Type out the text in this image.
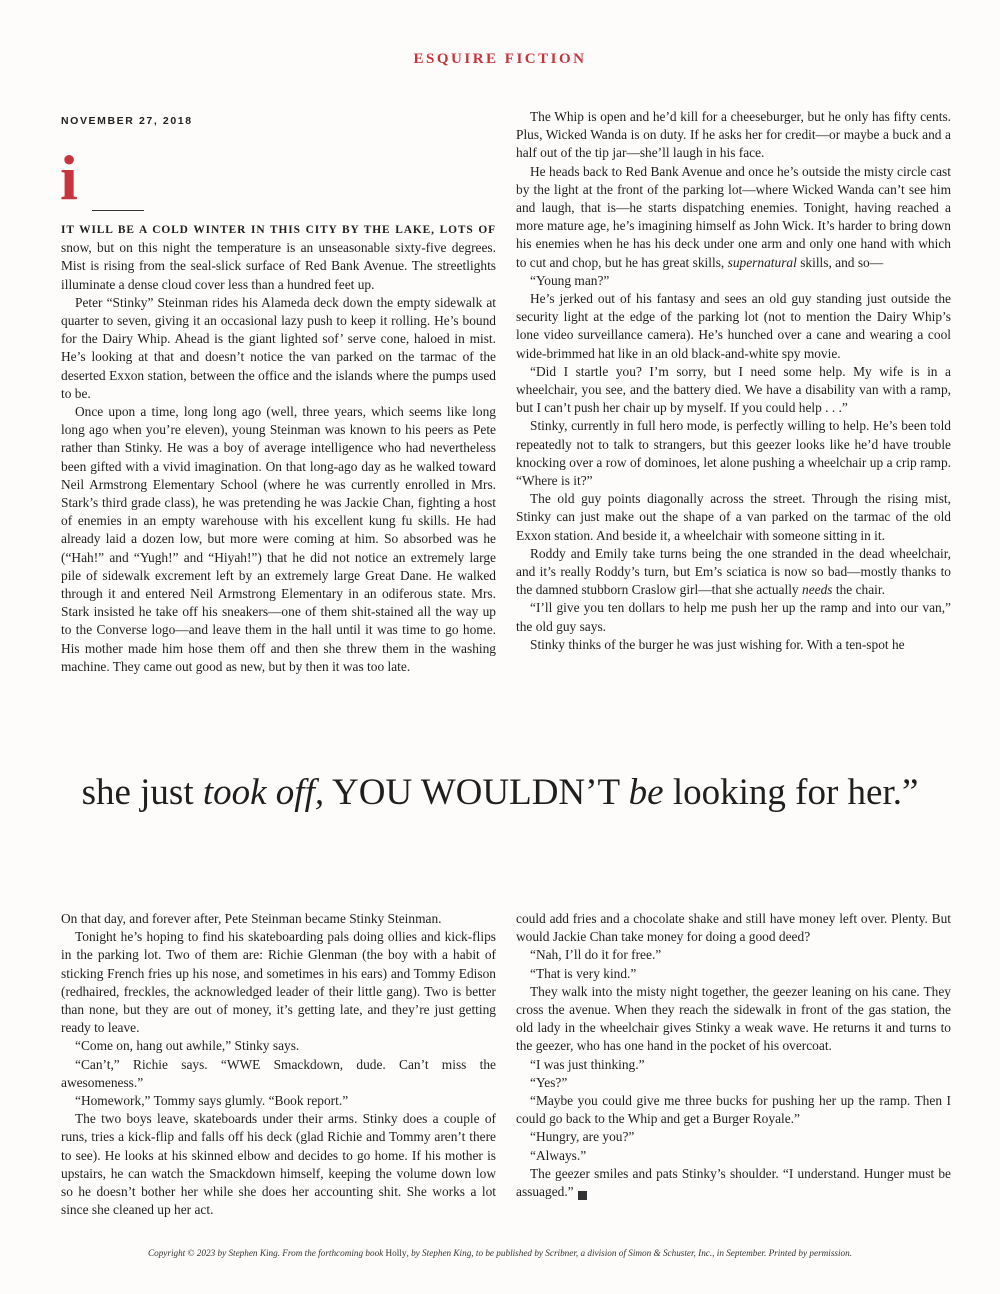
ESQUIRE FICTION
NOVEMBER 27, 2018
i

IT WILL BE A COLD WINTER IN THIS CITY BY THE LAKE, LOTS OF snow, but on this night the temperature is an unseasonable sixty-five degrees. Mist is rising from the seal-slick surface of Red Bank Avenue. The streetlights illuminate a dense cloud cover less than a hundred feet up.

Peter “Stinky” Steinman rides his Alameda deck down the empty sidewalk at quarter to seven, giving it an occasional lazy push to keep it rolling. He’s bound for the Dairy Whip. Ahead is the giant lighted sof’ serve cone, haloed in mist. He’s looking at that and doesn’t notice the van parked on the tarmac of the deserted Exxon station, between the office and the islands where the pumps used to be.

Once upon a time, long long ago (well, three years, which seems like long long ago when you’re eleven), young Steinman was known to his peers as Pete rather than Stinky. He was a boy of average intelligence who had nevertheless been gifted with a vivid imagination. On that long-ago day as he walked toward Neil Armstrong Elementary School (where he was currently enrolled in Mrs. Stark’s third grade class), he was pretending he was Jackie Chan, fighting a host of enemies in an empty warehouse with his excellent kung fu skills. He had already laid a dozen low, but more were coming at him. So absorbed was he (“Hah!” and “Yugh!” and “Hiyah!”) that he did not notice an extremely large pile of sidewalk excrement left by an extremely large Great Dane. He walked through it and entered Neil Armstrong Elementary in an odiferous state. Mrs. Stark insisted he take off his sneakers—one of them shit-stained all the way up to the Converse logo—and leave them in the hall until it was time to go home. His mother made him hose them off and then she threw them in the washing machine. They came out good as new, but by then it was too late.

The Whip is open and he’d kill for a cheeseburger, but he only has fifty cents. Plus, Wicked Wanda is on duty. If he asks her for credit—or maybe a buck and a half out of the tip jar—she’ll laugh in his face.

He heads back to Red Bank Avenue and once he’s outside the misty circle cast by the light at the front of the parking lot—where Wicked Wanda can’t see him and laugh, that is—he starts dispatching enemies. Tonight, having reached a more mature age, he’s imagining himself as John Wick. It’s harder to bring down his enemies when he has his deck under one arm and only one hand with which to cut and chop, but he has great skills, supernatural skills, and so—

“Young man?”

He’s jerked out of his fantasy and sees an old guy standing just outside the security light at the edge of the parking lot (not to mention the Dairy Whip’s lone video surveillance camera). He’s hunched over a cane and wearing a cool wide-brimmed hat like in an old black-and-white spy movie.

“Did I startle you? I’m sorry, but I need some help. My wife is in a wheelchair, you see, and the battery died. We have a disability van with a ramp, but I can’t push her chair up by myself. If you could help . . .”

Stinky, currently in full hero mode, is perfectly willing to help. He’s been told repeatedly not to talk to strangers, but this geezer looks like he’d have trouble knocking over a row of dominoes, let alone pushing a wheelchair up a crip ramp. “Where is it?”

The old guy points diagonally across the street. Through the rising mist, Stinky can just make out the shape of a van parked on the tarmac of the old Exxon station. And beside it, a wheelchair with someone sitting in it.

Roddy and Emily take turns being the one stranded in the dead wheelchair, and it’s really Roddy’s turn, but Em’s sciatica is now so bad—mostly thanks to the damned stubborn Craslow girl—that she actually needs the chair.

“I’ll give you ten dollars to help me push her up the ramp and into our van,” the old guy says.

Stinky thinks of the burger he was just wishing for. With a ten-spot he

she just took off, YOU WOULDN’T be looking for her.”

On that day, and forever after, Pete Steinman became Stinky Steinman.

Tonight he’s hoping to find his skateboarding pals doing ollies and kick-flips in the parking lot. Two of them are: Richie Glenman (the boy with a habit of sticking French fries up his nose, and sometimes in his ears) and Tommy Edison (redhaired, freckles, the acknowledged leader of their little gang). Two is better than none, but they are out of money, it’s getting late, and they’re just getting ready to leave.

“Come on, hang out awhile,” Stinky says.

“Can’t,” Richie says. “WWE Smackdown, dude. Can’t miss the awesomeness.”

“Homework,” Tommy says glumly. “Book report.”

The two boys leave, skateboards under their arms. Stinky does a couple of runs, tries a kick-flip and falls off his deck (glad Richie and Tommy aren’t there to see). He looks at his skinned elbow and decides to go home. If his mother is upstairs, he can watch the Smackdown himself, keeping the volume down low so he doesn’t bother her while she does her accounting shit. She works a lot since she cleaned up her act.

could add fries and a chocolate shake and still have money left over. Plenty. But would Jackie Chan take money for doing a good deed?

“Nah, I’ll do it for free.”

“That is very kind.”

They walk into the misty night together, the geezer leaning on his cane. They cross the avenue. When they reach the sidewalk in front of the gas station, the old lady in the wheelchair gives Stinky a weak wave. He returns it and turns to the geezer, who has one hand in the pocket of his overcoat.

“I was just thinking.”

“Yes?”

“Maybe you could give me three bucks for pushing her up the ramp. Then I could go back to the Whip and get a Burger Royale.”

“Hungry, are you?”

“Always.”

The geezer smiles and pats Stinky’s shoulder. “I understand. Hunger must be assuaged.”	E

Copyright © 2023 by Stephen King. From the forthcoming book Holly, by Stephen King, to be published by Scribner, a division of Simon & Schuster, Inc., in September. Printed by permission.
